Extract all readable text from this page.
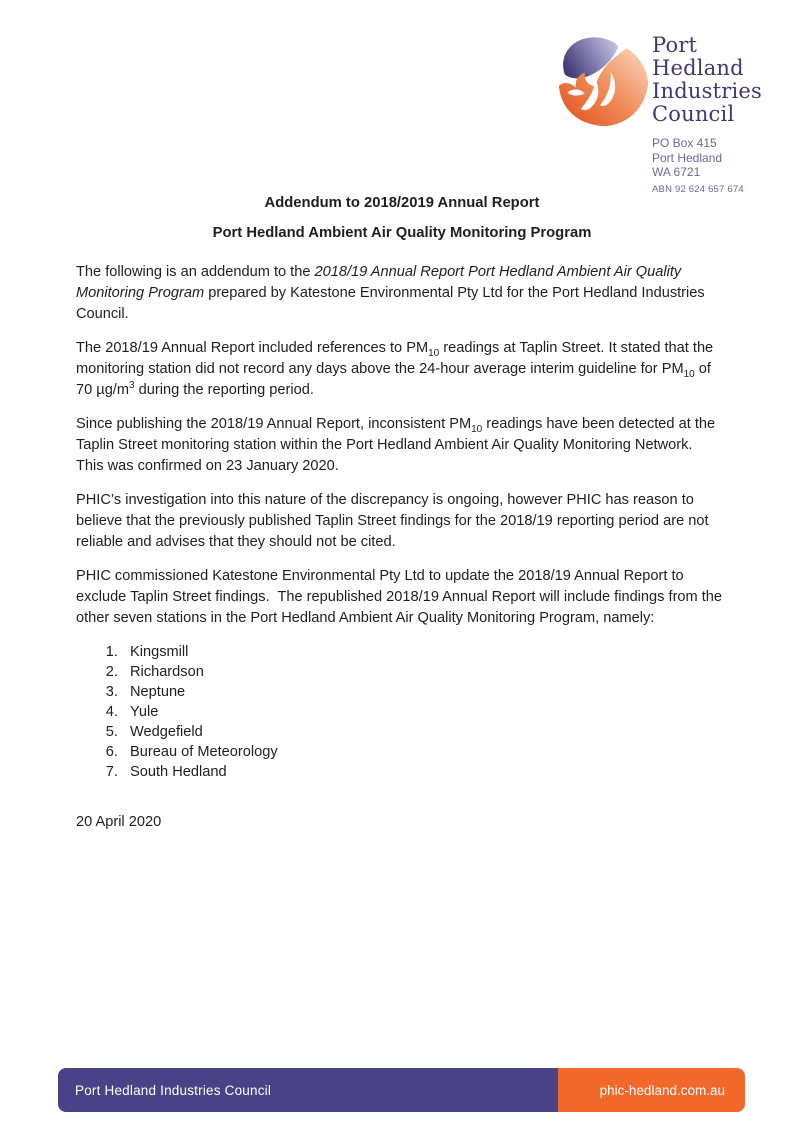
Port
Hedland
Industries
Council
PO Box 415
Port Hedland
WA 6721
ABN 92 624 657 674

Addendum to 2018/2019 Annual Report

Port Hedland Ambient Air Quality Monitoring Program

The following is an addendum to the 2018/19 Annual Report Port Hedland Ambient Air Quality Monitoring Program prepared by Katestone Environmental Pty Ltd for the Port Hedland Industries Council.

The 2018/19 Annual Report included references to $PM_{10}$ readings at Taplin Street. It stated that the monitoring station did not record any days above the 24-hour average interim guideline for $PM_{10}$ of 70 $\mu g/m^3$ during the reporting period.

Since publishing the 2018/19 Annual Report, inconsistent $PM_{10}$ readings have been detected at the Taplin Street monitoring station within the Port Hedland Ambient Air Quality Monitoring Network.   This was confirmed on 23 January 2020.

PHIC’s investigation into this nature of the discrepancy is ongoing, however PHIC has reason to believe that the previously published Taplin Street findings for the 2018/19 reporting period are not reliable and advises that they should not be cited.

PHIC commissioned Katestone Environmental Pty Ltd to update the 2018/19 Annual Report to exclude Taplin Street findings.  The republished 2018/19 Annual Report will include findings from the other seven stations in the Port Hedland Ambient Air Quality Monitoring Program, namely:

1. Kingsmill
2. Richardson
3. Neptune
4. Yule
5. Wedgefield
6. Bureau of Meteorology
7. South Hedland

20 April 2020

Port Hedland Industries Council	phic-hedland.com.au
